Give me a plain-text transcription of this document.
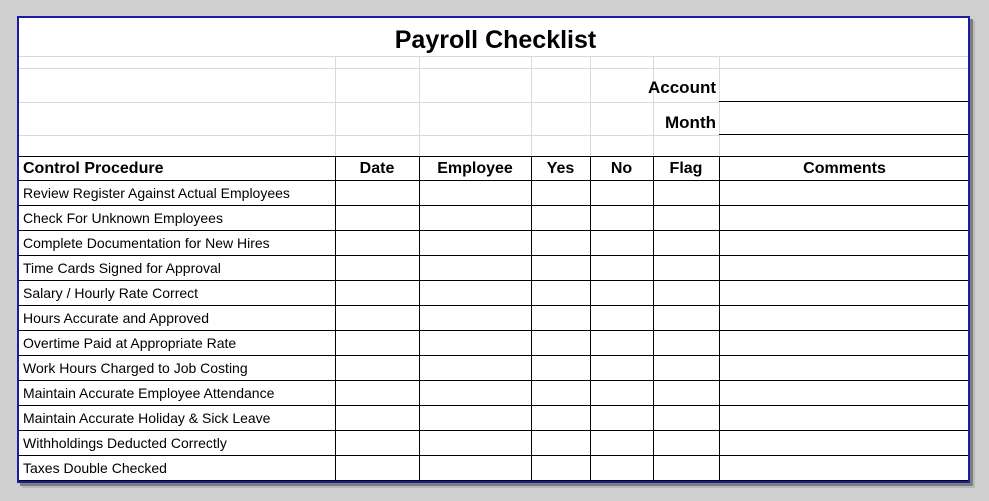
Payroll Checklist
Account
Month
Control Procedure	Date	Employee	Yes	No	Flag	Comments
Review Register Against Actual Employees
Check For Unknown Employees
Complete Documentation for New Hires
Time Cards Signed for Approval
Salary / Hourly Rate Correct
Hours Accurate and Approved
Overtime Paid at Appropriate Rate
Work Hours Charged to Job Costing
Maintain Accurate Employee Attendance
Maintain Accurate Holiday & Sick Leave
Withholdings Deducted Correctly
Taxes Double Checked
